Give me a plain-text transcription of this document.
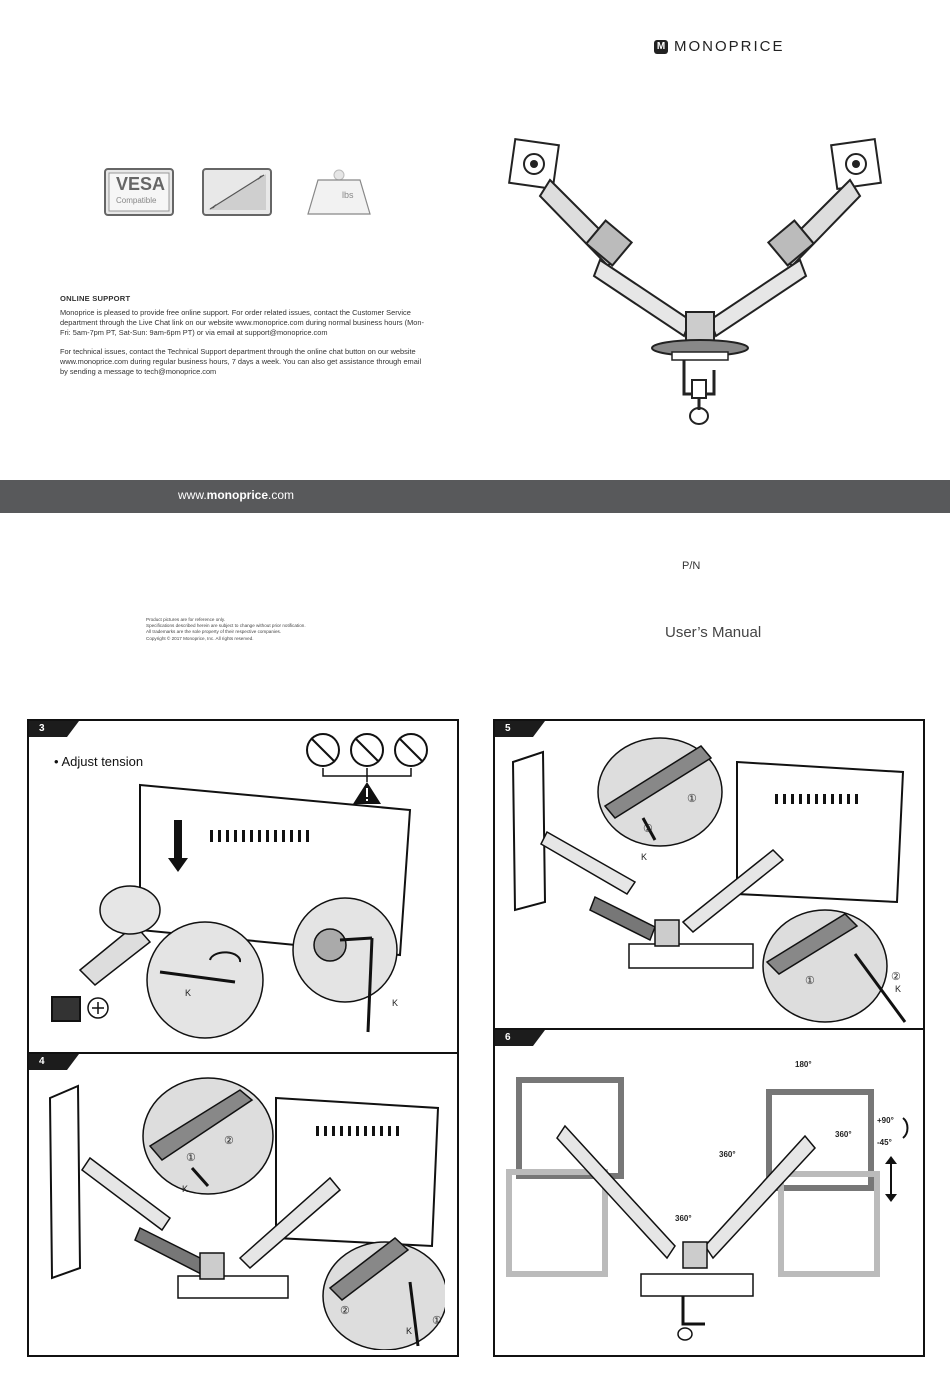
M MONOPRICE
VESA
Compatible
lbs
ONLINE SUPPORT

Monoprice is pleased to provide free online support. For order related issues, contact the Customer Service department through the Live Chat link on our website www.monoprice.com during normal business hours (Mon-Fri: 5am-7pm PT, Sat-Sun: 9am-6pm PT) or via email at support@monoprice.com

For technical issues, contact the Technical Support department through the online chat button on our website www.monoprice.com during regular business hours, 7 days a week. You can also get assistance through email by sending a message to tech@monoprice.com

www.monoprice.com
P/N
User’s Manual
Product pictures are for reference only.
Specifications described herein are subject to change without prior notification.
All trademarks are the sole property of their respective companies.
Copyright © 2017 Monoprice, Inc. All rights reserved.
3
• Adjust tension
K
K
4
①
②
K
①
②
K
5
②
①
K
①	②
K
6
180°
360°
360°
360°
+90°
-45°
